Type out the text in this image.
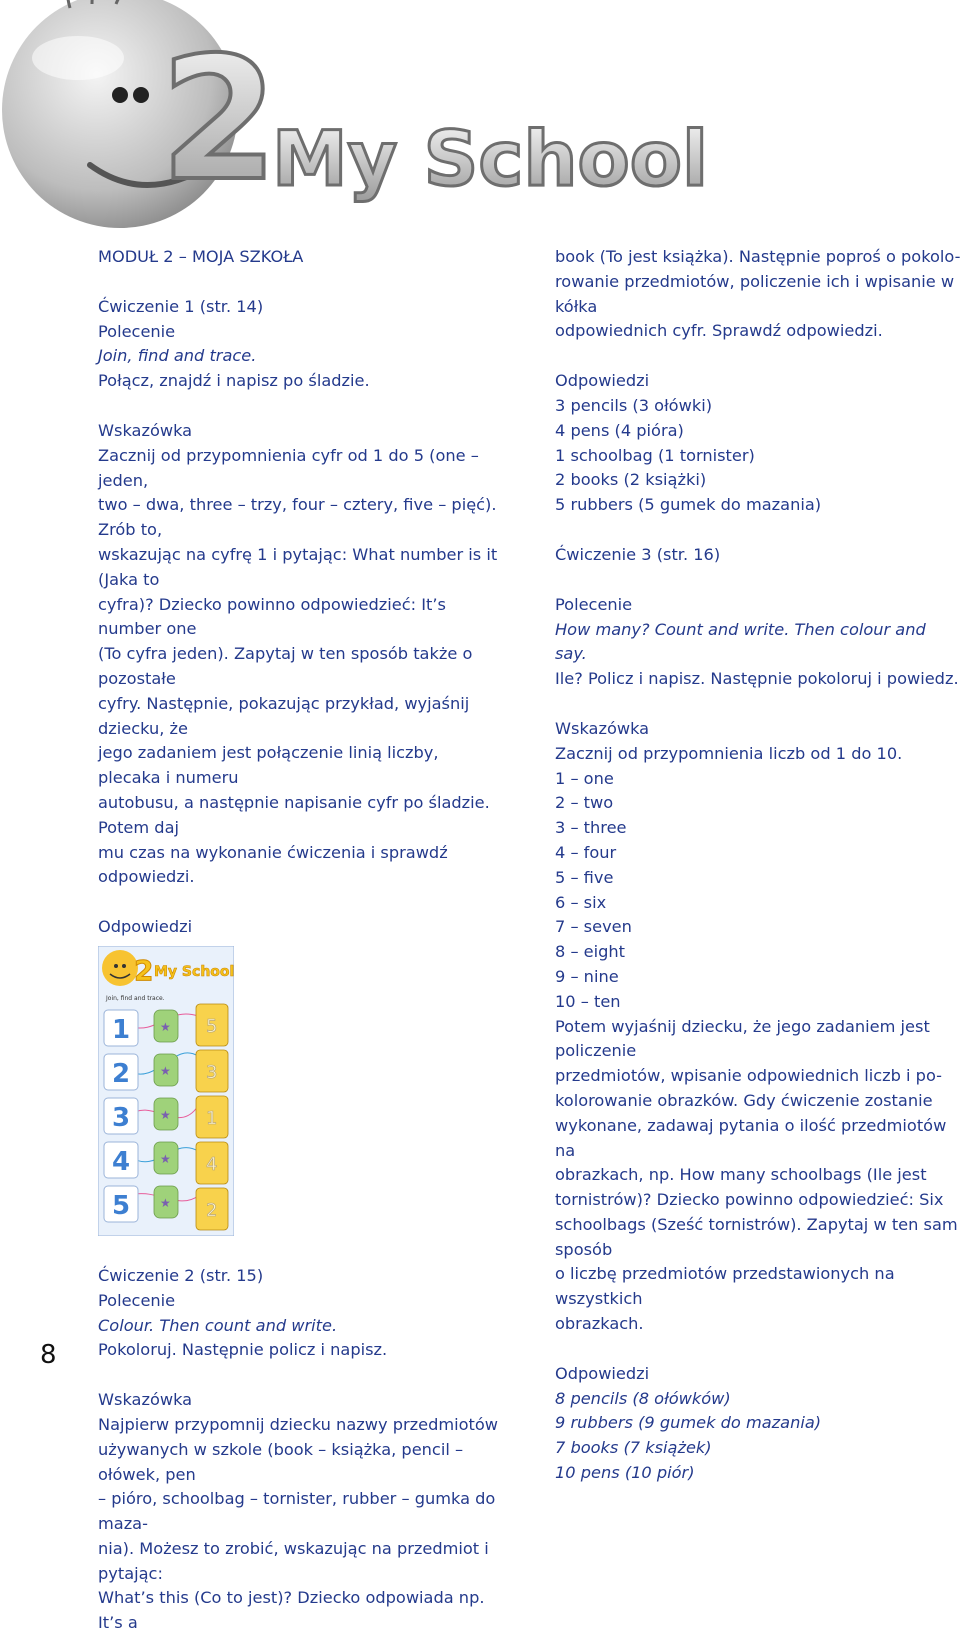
2
My School

MODUŁ 2 – MOJA SZKOŁA

Ćwiczenie 1 (str. 14)

Polecenie

Join, find and trace.

Połącz, znajdź i napisz po śladzie.

Wskazówka

Zacznij od przypomnienia cyfr od 1 do 5 (one – jeden,
two – dwa, three – trzy, four – cztery, five – pięć). Zrób to,
wskazując na cyfrę 1 i pytając: What number is it (Jaka to
cyfra)? Dziecko powinno odpowiedzieć: It’s number one
(To cyfra jeden). Zapytaj w ten sposób także o pozostałe
cyfry. Następnie, pokazując przykład, wyjaśnij dziecku, że
jego zadaniem jest połączenie linią liczby, plecaka i numeru
autobusu, a następnie napisanie cyfr po śladzie. Potem daj
mu czas na wykonanie ćwiczenia i sprawdź odpowiedzi.

Odpowiedzi

2 My School
Join, find and trace.
1
2
3
4
5
★
★
★
★
★
5
3
1
4
2

Ćwiczenie 2 (str. 15)

Polecenie

Colour. Then count and write.

Pokoloruj. Następnie policz i napisz.

Wskazówka

Najpierw przypomnij dziecku nazwy przedmiotów
używanych w szkole (book – książka, pencil – ołówek, pen
– pióro, schoolbag – tornister, rubber – gumka do maza-
nia). Możesz to zrobić, wskazując na przedmiot i pytając:
What’s this (Co to jest)? Dziecko odpowiada np. It’s a
book (To jest książka). Następnie poproś o pokolo-
rowanie przedmiotów, policzenie ich i wpisanie w kółka
odpowiednich cyfr. Sprawdź odpowiedzi.

Odpowiedzi

3 pencils (3 ołówki)
4 pens (4 pióra)
1 schoolbag (1 tornister)
2 books (2 książki)
5 rubbers (5 gumek do mazania)

Ćwiczenie 3 (str. 16)

Polecenie

How many? Count and write. Then colour and say.

Ile? Policz i napisz. Następnie pokoloruj i powiedz.

Wskazówka

Zacznij od przypomnienia liczb od 1 do 10.

1 – one
2 – two
3 – three
4 – four
5 – five
6 – six
7 – seven
8 – eight
9 – nine
10 – ten
Potem wyjaśnij dziecku, że jego zadaniem jest policzenie
przedmiotów, wpisanie odpowiednich liczb i po-
kolorowanie obrazków. Gdy ćwiczenie zostanie
wykonane, zadawaj pytania o ilość przedmiotów na
obrazkach, np. How many schoolbags (Ile jest
tornistrów)? Dziecko powinno odpowiedzieć: Six
schoolbags (Sześć tornistrów). Zapytaj w ten sam sposób
o liczbę przedmiotów przedstawionych na wszystkich
obrazkach.

Odpowiedzi

8 pencils (8 ołówków)
9 rubbers (9 gumek do mazania)
7 books (7 książek)
10 pens (10 piór)
8
